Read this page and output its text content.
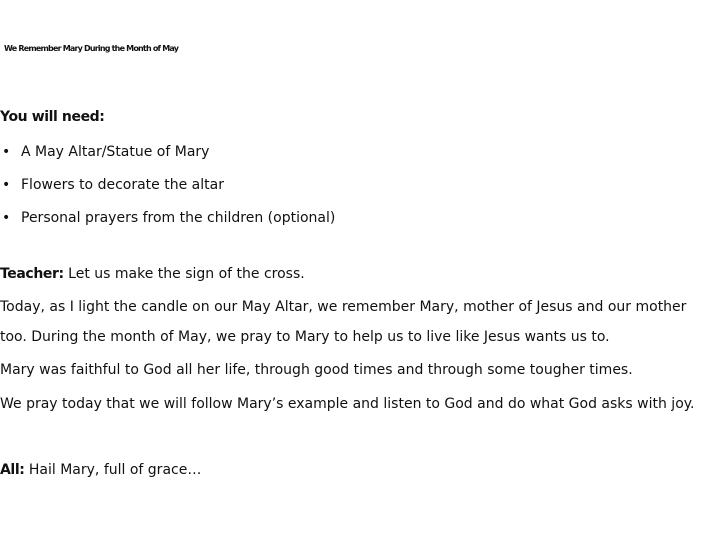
We Remember Mary During the Month of May

You will need:

• A May Altar/Statue of Mary
• Flowers to decorate the altar
• Personal prayers from the children (optional)

Teacher: Let us make the sign of the cross.

Today, as I light the candle on our May Altar, we remember Mary, mother of Jesus and our mother

too. During the month of May, we pray to Mary to help us to live like Jesus wants us to.

Mary was faithful to God all her life, through good times and through some tougher times.

We pray today that we will follow Mary’s example and listen to God and do what God asks with joy.

All: Hail Mary, full of grace…
